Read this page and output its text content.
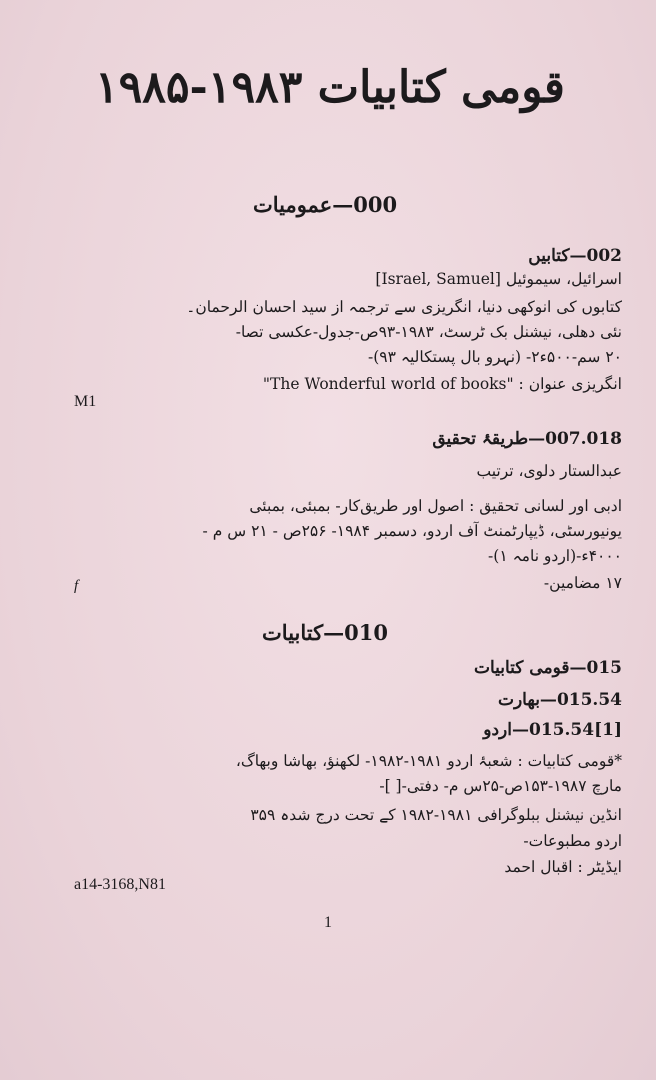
قومی کتابیات ۱۹۸۳-۱۹۸۵
000—عمومیات
002—کتابیں
اسرائیل، سیموئیل [Israel, Samuel]
کتابوں کی انوکھی دنیا، انگریزی سے ترجمہ از سید احسان الرحمان۔
نئی دھلی، نیشنل بک ٹرسٹ، ۱۹۸۳-۹۳ص-جدول-عکسی تصا-
۲۰ سم-۵۰۰ء۲- (نہرو بال پستکالیہ ۹۳)-
انگریزی عنوان : "The Wonderful world of books"
M1
007.018—طریقۂ تحقیق
عبدالستار دلوی، ترتیب
ادبی اور لسانی تحقیق : اصول اور طریق‌کار- بمبئی، بمبئی
یونیورسٹی، ڈیپارٹمنٹ آف اردو، دسمبر ۱۹۸۴- ۲۵۶ص - ۲۱ س م -
۴۰۰۰ء-(اردو نامہ ۱)-
۱۷ مضامین-
f
010—کتابیات
015—قومی کتابیات
015.54—بھارت
[1]015.54—اردو
*قومی کتابیات : شعبۂ اردو ۱۹۸۱-۱۹۸۲- لکھنؤ، بھاشا وبھاگ،
مارچ ۱۹۸۷-۱۵۳ص-۲۵س م- دفتی-[ ]-
انڈین نیشنل ببلوگرافی ۱۹۸۱-۱۹۸۲ کے تحت درج شدہ ۳۵۹
اردو مطبوعات-
ایڈیٹر : اقبال احمد
a14-3168,N81
1
